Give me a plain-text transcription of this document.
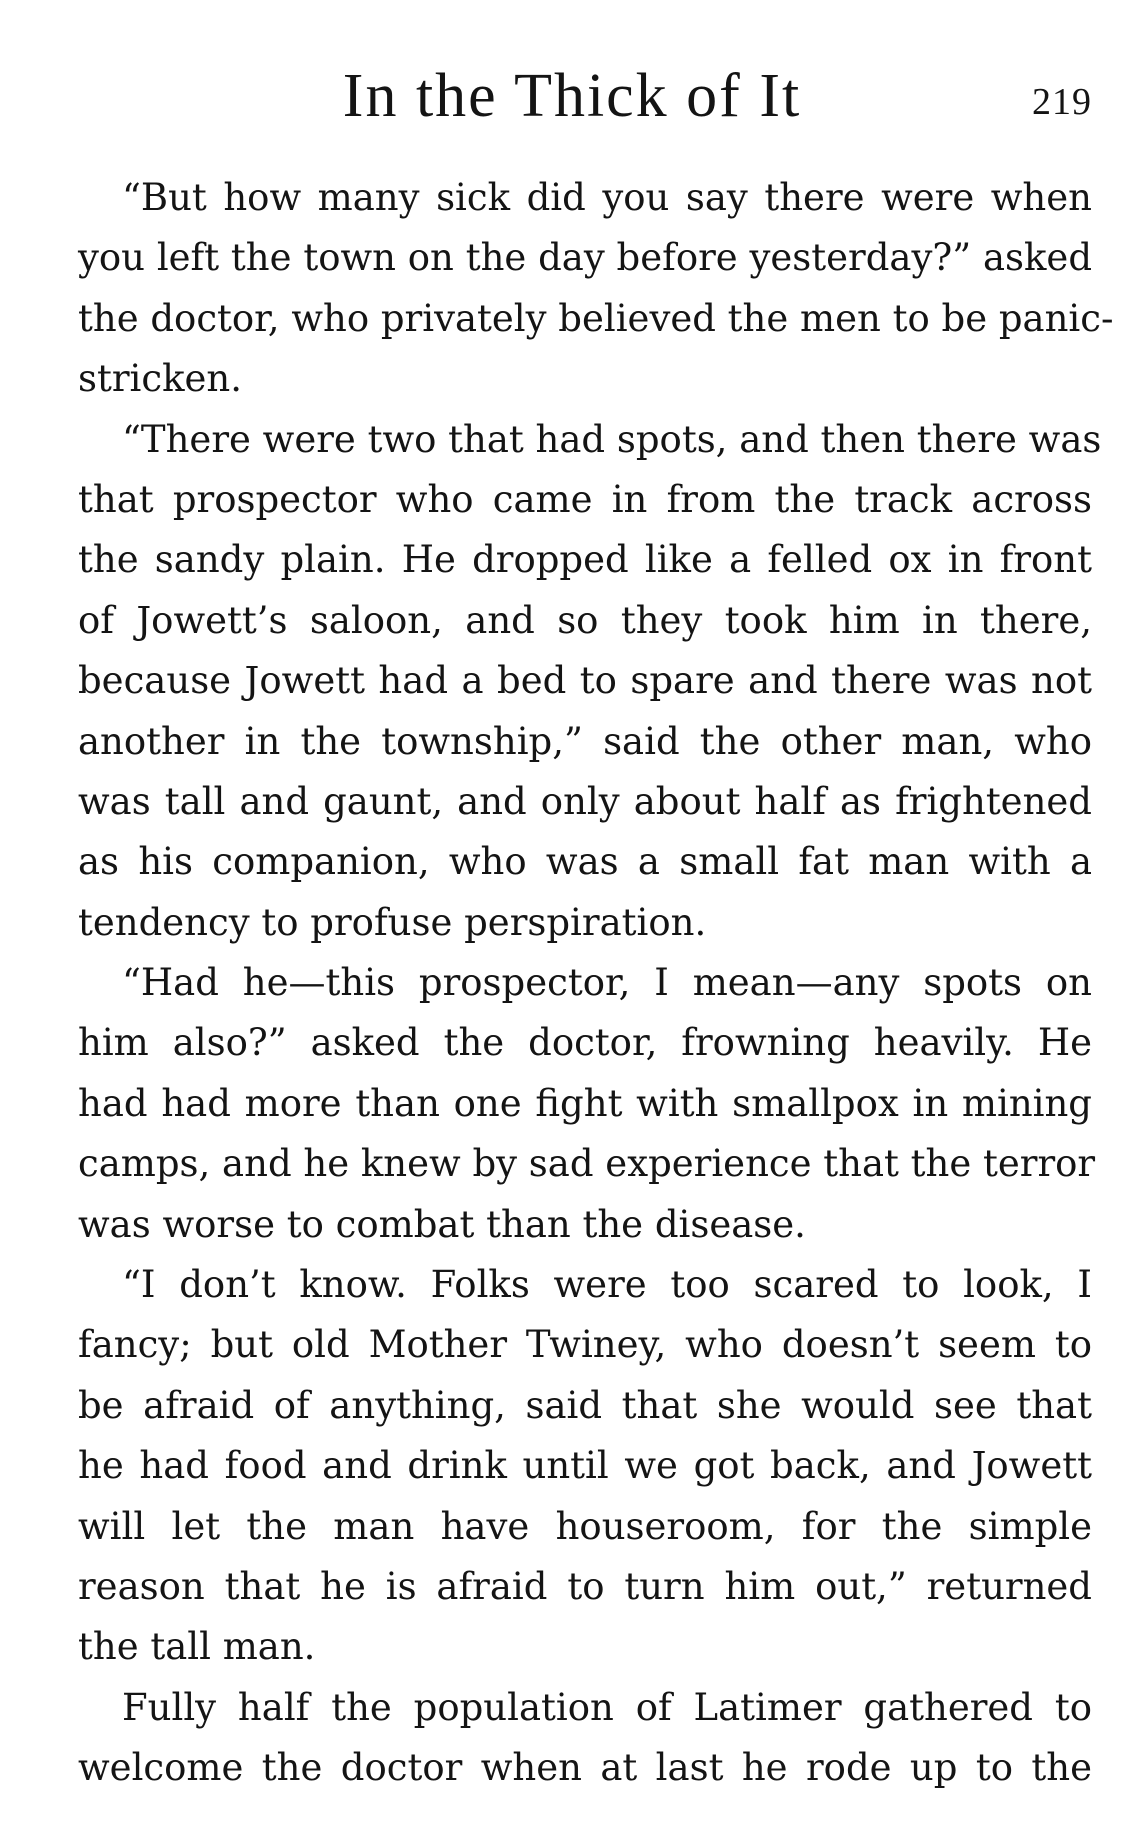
In the Thick of It	219
“But how many sick did you say there were when
you left the town on the day before yesterday?” asked
the doctor, who privately believed the men to be panic-
stricken.
“There were two that had spots, and then there was
that prospector who came in from the track across
the sandy plain. He dropped like a felled ox in front
of Jowett’s saloon, and so they took him in there,
because Jowett had a bed to spare and there was not
another in the township,” said the other man, who
was tall and gaunt, and only about half as frightened
as his companion, who was a small fat man with a
tendency to profuse perspiration.
“Had he—this prospector, I mean—any spots on
him also?” asked the doctor, frowning heavily. He
had had more than one fight with smallpox in mining
camps, and he knew by sad experience that the terror
was worse to combat than the disease.
“I don’t know. Folks were too scared to look, I
fancy; but old Mother Twiney, who doesn’t seem to
be afraid of anything, said that she would see that
he had food and drink until we got back, and Jowett
will let the man have houseroom, for the simple
reason that he is afraid to turn him out,” returned
the tall man.
Fully half the population of Latimer gathered to
welcome the doctor when at last he rode up to the
